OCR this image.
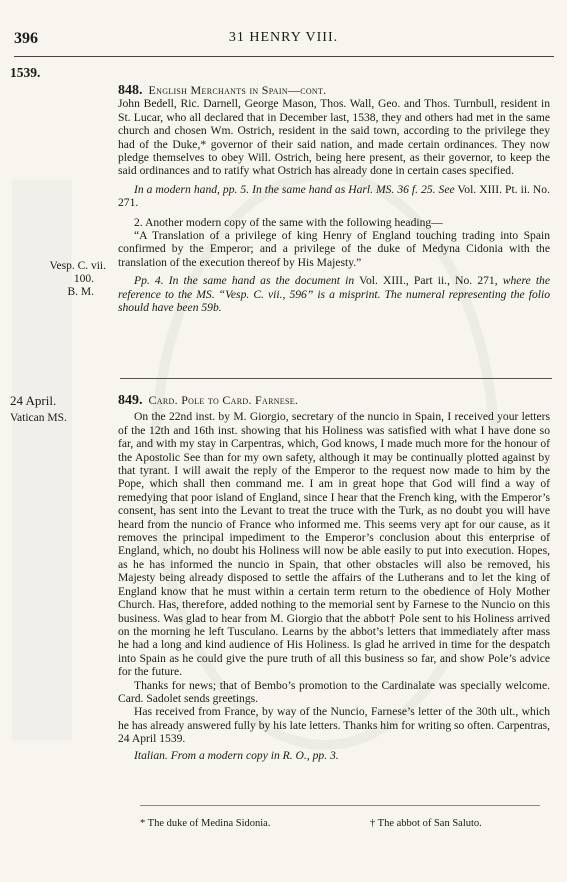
396	31 HENRY VIII.
1539.

848. English Merchants in Spain—cont.

John Bedell, Ric. Darnell, George Mason, Thos. Wall, Geo. and Thos. Turnbull, resident in St. Lucar, who all declared that in December last, 1538, they and others had met in the same church and chosen Wm. Ostrich, resident in the said town, according to the privilege they had of the Duke,* governor of their said nation, and made certain ordinances. They now pledge themselves to obey Will. Ostrich, being here present, as their governor, to keep the said ordinances and to ratify what Ostrich has already done in certain cases specified.

In a modern hand, pp. 5. In the same hand as Harl. MS. 36 f. 25. See Vol. XIII. Pt. ii. No. 271.

2. Another modern copy of the same with the following heading—

“A Translation of a privilege of king Henry of England touching trading into Spain confirmed by the Emperor; and a privilege of the duke of Medyna Cidonia with the translation of the execution thereof by His Majesty.”

Pp. 4. In the same hand as the document in Vol. XIII., Part ii., No. 271, where the reference to the MS. “Vesp. C. vii., 596” is a misprint. The numeral representing the folio should have been 59b.

Vesp. C. vii.
100.
B. M.
24 April.
Vatican MS.

849. Card. Pole to Card. Farnese.

On the 22nd inst. by M. Giorgio, secretary of the nuncio in Spain, I received your letters of the 12th and 16th inst. showing that his Holiness was satisfied with what I have done so far, and with my stay in Carpentras, which, God knows, I made much more for the honour of the Apostolic See than for my own safety, although it may be continually plotted against by that tyrant. I will await the reply of the Emperor to the request now made to him by the Pope, which shall then command me. I am in great hope that God will find a way of remedying that poor island of England, since I hear that the French king, with the Emperor’s consent, has sent into the Levant to treat the truce with the Turk, as no doubt you will have heard from the nuncio of France who informed me. This seems very apt for our cause, as it removes the principal impediment to the Emperor’s conclusion about this enterprise of England, which, no doubt his Holiness will now be able easily to put into execution. Hopes, as he has informed the nuncio in Spain, that other obstacles will also be removed, his Majesty being already disposed to settle the affairs of the Lutherans and to let the king of England know that he must within a certain term return to the obedience of Holy Mother Church. Has, therefore, added nothing to the memorial sent by Farnese to the Nuncio on this business. Was glad to hear from M. Giorgio that the abbot† Pole sent to his Holiness arrived on the morning he left Tusculano. Learns by the abbot’s letters that immediately after mass he had a long and kind audience of His Holiness. Is glad he arrived in time for the despatch into Spain as he could give the pure truth of all this business so far, and show Pole’s advice for the future.

Thanks for news; that of Bembo’s promotion to the Cardinalate was specially welcome. Card. Sadolet sends greetings.

Has received from France, by way of the Nuncio, Farnese’s letter of the 30th ult., which he has already answered fully by his late letters. Thanks him for writing so often. Carpentras, 24 April 1539.

Italian. From a modern copy in R. O., pp. 3.

* The duke of Medina Sidonia.	† The abbot of San Saluto.
